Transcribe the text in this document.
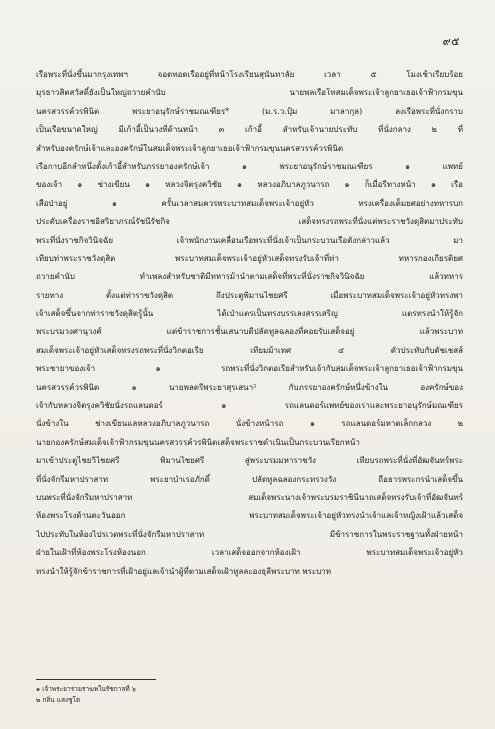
๙๕
เรือพระที่นั่งขึ้นมากรุงเทพฯ จอดทอดเรืออยู่ที่หน้าโรงเรียนสุนันทาลัย เวลา ๕ โมงเช้าเรียบร้อย
มุรธาวสิตสวัสดิ์ยังเป็นใหญ่ถวายคำนับ นายพลเรือโทสมเด็จพระเจ้าลูกยาเธอเจ้าฟ้ากรมขุน
นครสวรรค์วรพินิต พระยาอนุรักษ์ราชมณเฑียร* (ม.ร.ว.ปุ้ม มาลากุล) ลงเรือพระที่นั่งกราบ
เป็นเรือขนาดใหญ่ มีเก้าอี้เป็นวงที่ด้านหน้า ๓ เก้าอี้ สำหรับเจ้านายประทับ ที่นั่งกลาง ๒ ที่
สำหรับองครักษ์เจ้าและองครักษ์ในสมเด็จพระเจ้าลูกยาเธอเจ้าฟ้ากรมขุนนครสวรรค์วรพินิต
เรือกาบอีกลำหนึ่งตั้งเก้าอี้สำหรับภรรยาองครักษ์เจ้า ๑ พระยาอนุรักษ์ราชมณเฑียร ๑ แพทย์
ของเจ้า ๑ ช่างเขียน ๑ หลวงจิตรุงควิชัย ๑ หลวงอภิบาลภูวนารถ ๑ ก็เมื่อรีทางหน้า ๑ เรือ
เสือป่าอยู่ ๑ ครั้นเวลาสมควรพระบาทสมเด็จพระเจ้าอยู่หัว ทรงเครื่องเต็มยศอย่างทหารบก
ประดับเครื่องราชอิสริยาภรณ์รัชนีรัชกิจ เสด็จทรงรถพระที่นั่งแต่พระราชวังดุสิตมาประทับ
พระที่นั่งราชกิจวินิจฉัย เจ้าพนักงานเคลื่อนเรือพระที่นั่งเจ้าเป็นกระบวนเรือดังกล่าวแล้ว มา
เทียบท่าพระราชวังดุสิต พระบาทสมเด็จพระเจ้าอยู่หัวเสด็จทรงรับเจ้าที่ท่า ทหารกองเกียรติยศ
ถวายคำนับ ทำเพลงสำหรับชาติมีทหารม้านำตามเสด็จที่พระที่นั่งราชกิจวินิจฉัย แล้วทหาร
รายทาง ตั้งแต่ท่าราชวังดุสิต ถึงประตูพิมานไชยศรี เมื่อพระบาทสมเด็จพระเจ้าอยู่หัวทรงพา
เจ้าเสด็จขึ้นจากท่าราชวังดุสิตรู้นั้น ได้เป่าแตรเป็นทรงบรรเลงสรรเสริญ แตรทรงนำให้รู้จัก
พระบรมวงศานุวงศ์ แต่ข้าราชการชั้นเสนาบดีปลัดทูลฉลองที่คอยรับเสด็จอยู่ แล้วพระบาท
สมเด็จพระเจ้าอยู่หัวเสด็จทรงรถพระที่นั่งวิกตอเรีย เทียมม้าเทศ ๔ ตัวประทับกับดัชเชสส์
พระชายาของเจ้า ๑ รถพระที่นั่งวิกตอเรียสำหรับเจ้ากับสมเด็จพระเจ้าลูกยาเธอเจ้าฟ้ากรมขุน
นครสวรรค์วรพินิต ๑ นายพลตรีพระยาสุรเสนา² กับภรรยาองครักษ์หนึ่งข้างใน องครักษ์ของ
เจ้ากับหลวงจิตรุงควิชัยนั่งรถแลนดอร์ ๑ รถแลนดอร์แพทย์ของเราและพระยาอนุรักษ์มณเฑียร
นั่งข้างใน ช่างเขียนแลหลวงอภิบาลภูวนารถ นั่งข้างหน้ารถ ๑ รถแลนดอร์มหาดเล็กกลวง ๒
นายกองครักษ์สมเด็จเจ้าฟ้ากรมขุนนครสวรรค์วรพินิตเสด็จพระราชดำเนินเป็นกระบวนเรียกหน้า
มาเข้าประตูไชยวิไชยศรี พิมานไชยศรี สู่พระบรมมหาราชวัง เทียบรถพระที่นั่งที่อัฒจันทร์พระ
ที่นั่งจักรีมหาปราสาท พระยาบำเรอภักดิ์ ปลัดทูลฉลองกระทรวงวัง ถือธารพระกรนำเสด็จขึ้น
บนพระที่นั่งจักรีมหาปราสาท สมเด็จพระนางเจ้าพระบรมราชินีนาถเสด็จทรงรับเจ้าที่อัฒจันทร์
ห้องพระโรงด้านตะวันออก พระบาทสมเด็จพระเจ้าอยู่หัวทรงนำเจ้าแลเจ้าหญิงเฝ้าแล้วเสด็จ
ไปประทับในห้องไปรเวตพระที่นั่งจักรีมหาปราสาท มีข้าราชการในพระราชฐานทั้งฝ่ายหน้า
ฝ่ายในเฝ้าที่ห้องพระโรงห้องนอก เวลาเสด็จออกจากห้องเฝ้า พระบาทสมเด็จพระเจ้าอยู่หัว
ทรงนำให้รู้จักข้าราชการที่เฝ้าอยู่แลเจ้านำผู้ที่ตามเสด็จเฝ้าทูลละองธุลีพระบาท พระบาท
๑ เจ้าพระยารามราฆพในรัชกาลที่ ๖
๒ กลิ่น แสงชูโต
